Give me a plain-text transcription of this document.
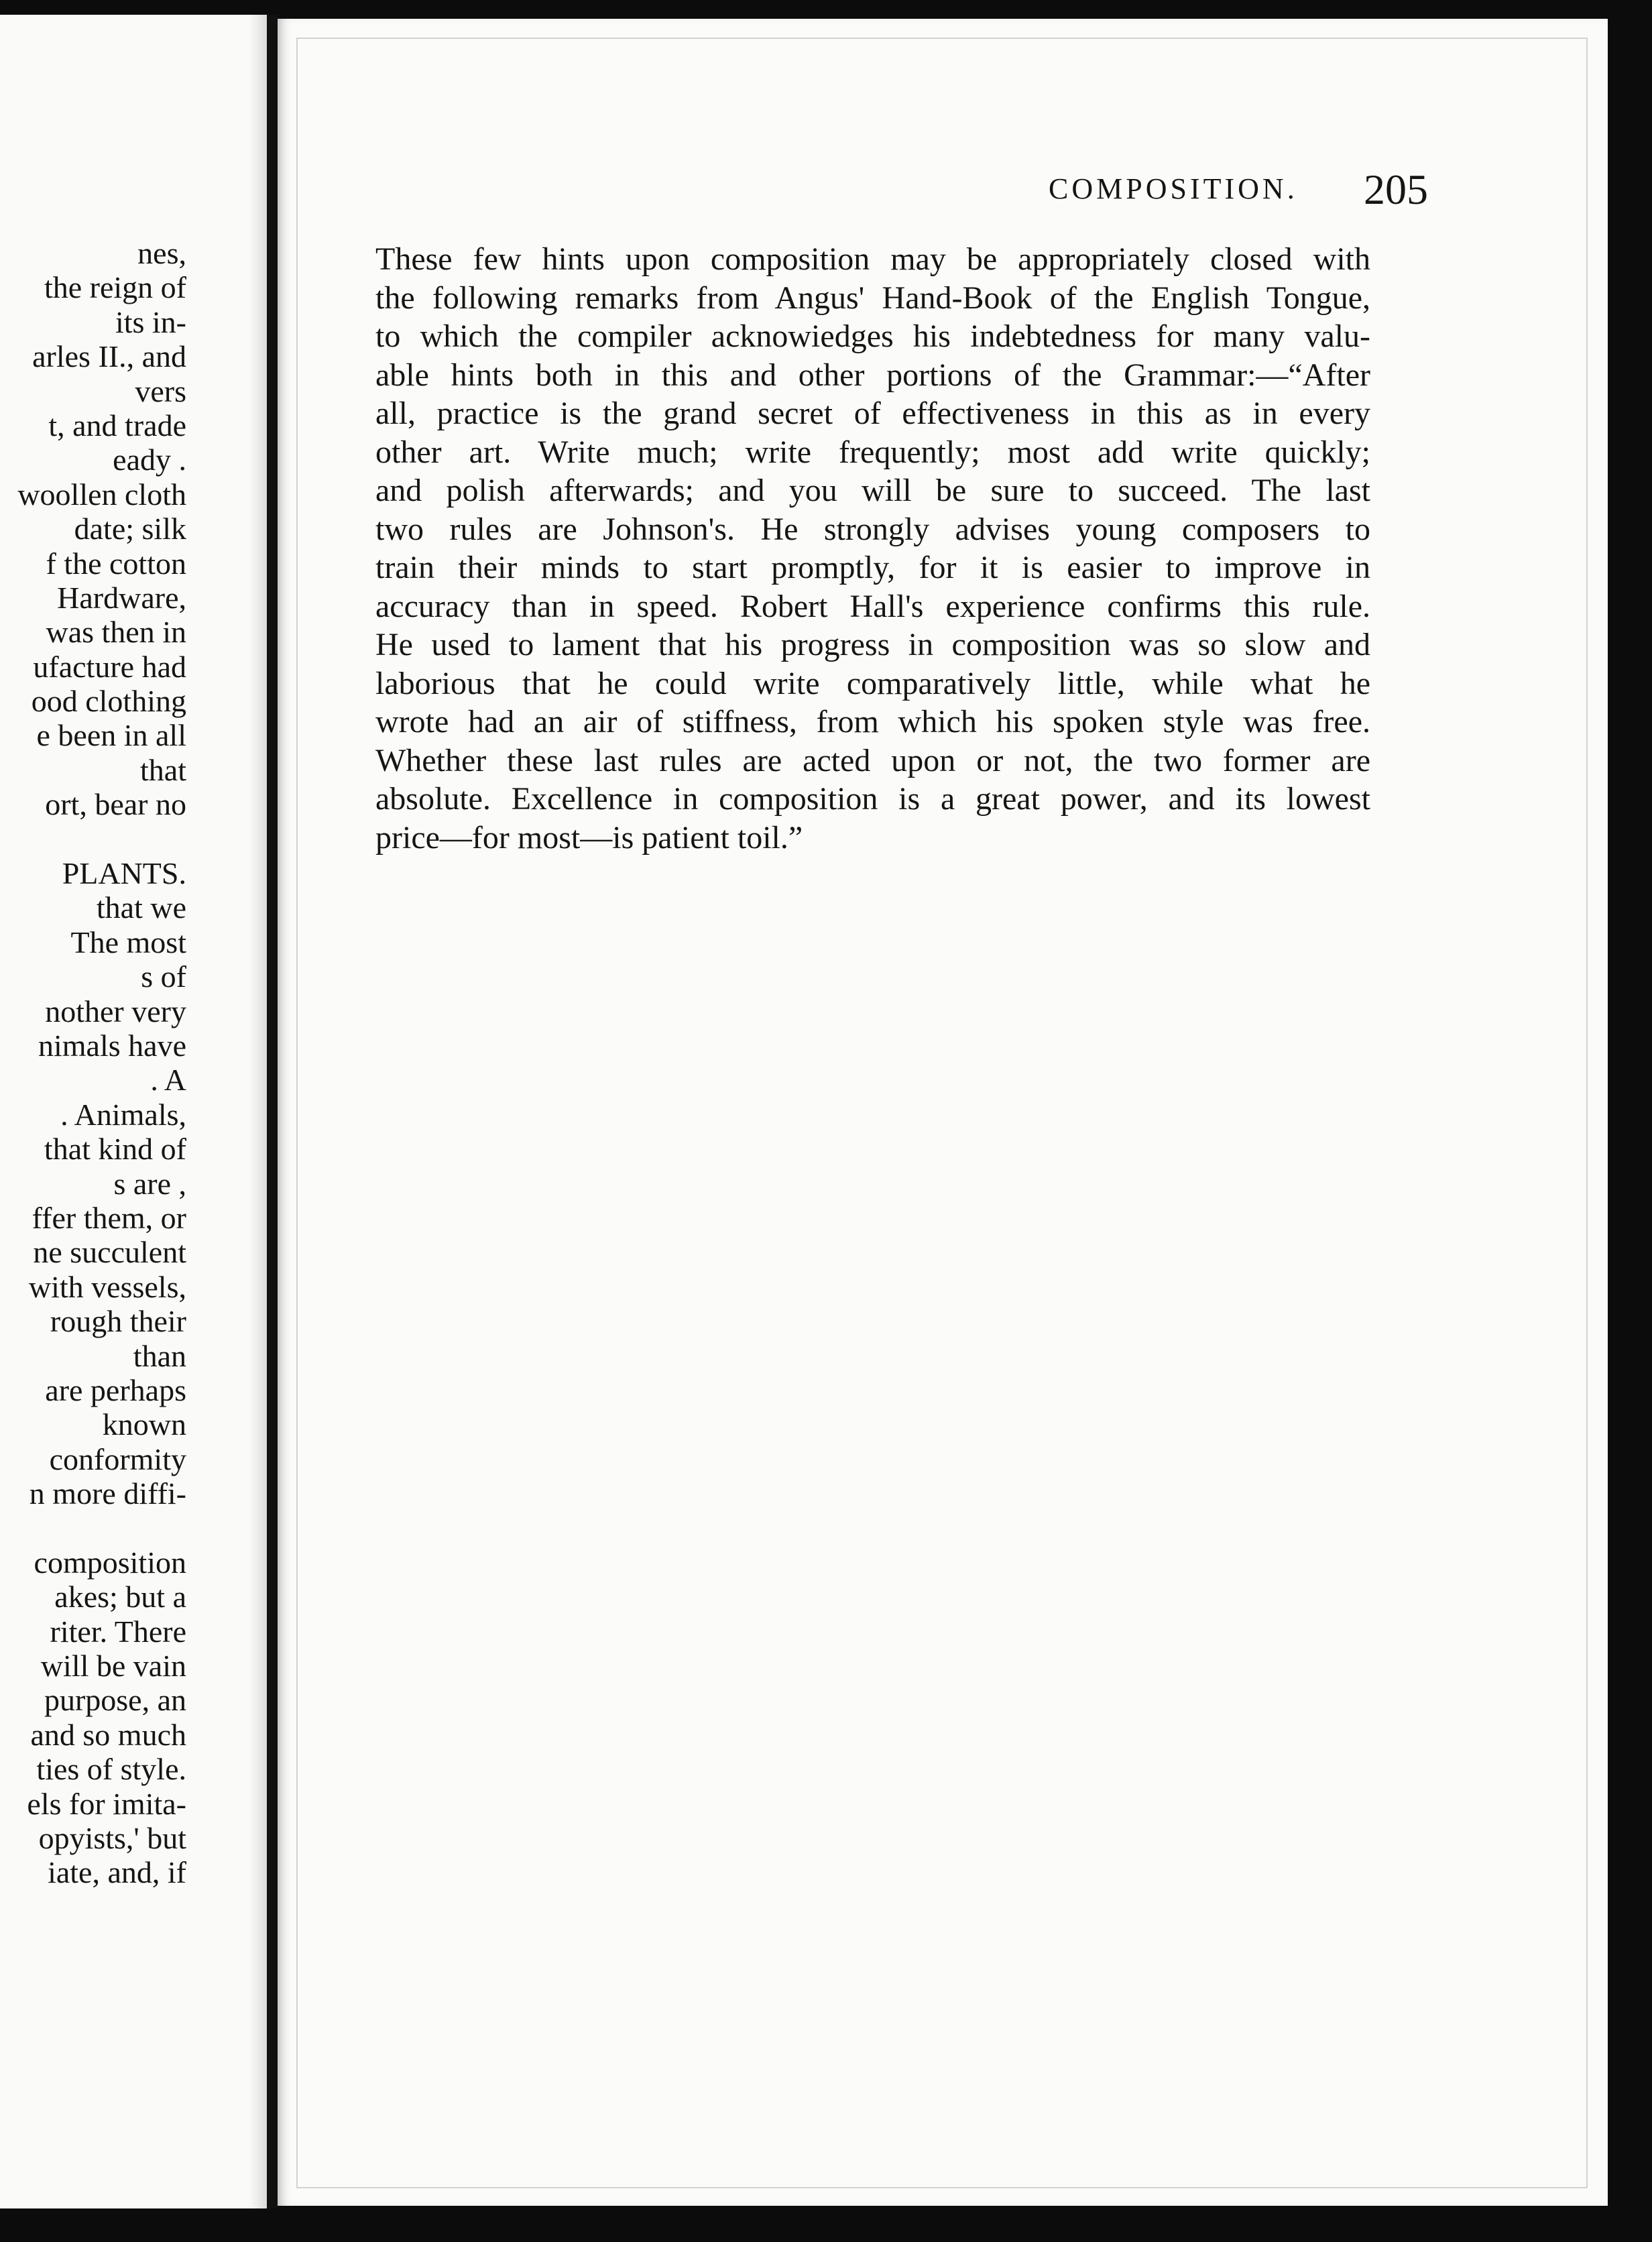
nes,
the reign of
its in-
arles II., and
vers
t, and trade
eady .
woollen cloth
date; silk
f the cotton
Hardware,
was then in
ufacture had
ood clothing
e been in all
that
ort, bear no
PLANTS.
that we
The most
s of
nother very
nimals have
. A
. Animals,
that kind of
s are ,
ffer them, or
ne succulent
with vessels,
rough their
than
are perhaps
known
conformity
n more diffi-
composition
akes; but a
riter. There
will be vain
purpose, an
and so much
ties of style.
els for imita-
opyists,' but
iate, and, if
COMPOSITION. 205
These few hints upon composition may be appropriately closed with
the following remarks from Angus' Hand-Book of the English Tongue,
to which the compiler acknowiedges his indebtedness for many valu-
able hints both in this and other portions of the Grammar:—“After
all, practice is the grand secret of effectiveness in this as in every
other art. Write much; write frequently; most add write quickly;
and polish afterwards; and you will be sure to succeed. The last
two rules are Johnson's. He strongly advises young composers to
train their minds to start promptly, for it is easier to improve in
accuracy than in speed. Robert Hall's experience confirms this rule.
He used to lament that his progress in composition was so slow and
laborious that he could write comparatively little, while what he
wrote had an air of stiffness, from which his spoken style was free.
Whether these last rules are acted upon or not, the two former are
absolute. Excellence in composition is a great power, and its lowest
price—for most—is patient toil.”
